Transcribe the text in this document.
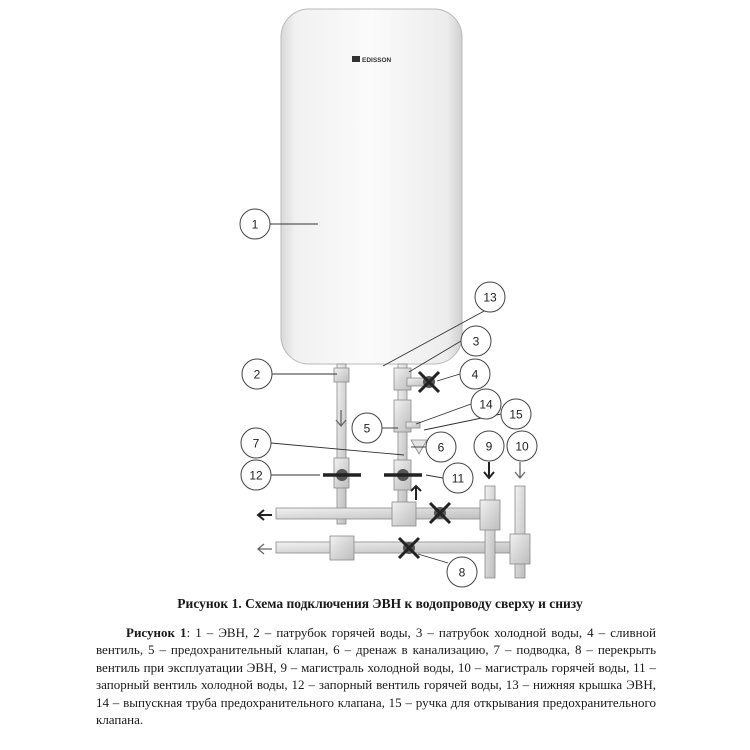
EDISSON
1
2
3
4
5
6
7
8
9 10
11
12
13
14
15
Рисунок 1. Схема подключения ЭВН к водопроводу сверху и снизу
Рисунок 1: 1 – ЭВН, 2 – патрубок горячей воды, 3 – патрубок холодной воды, 4 – сливной вентиль, 5 – предохранительный клапан, 6 – дренаж в канализацию, 7 – подводка, 8 – перекрыть вентиль при эксплуатации ЭВН, 9 – магистраль холодной воды, 10 – магистраль горячей воды, 11 – запорный вентиль холодной воды, 12 – запорный вентиль горячей воды, 13 – нижняя крышка ЭВН, 14 – выпускная труба предохранительного клапана, 15 – ручка для открывания предохранительного клапана.
